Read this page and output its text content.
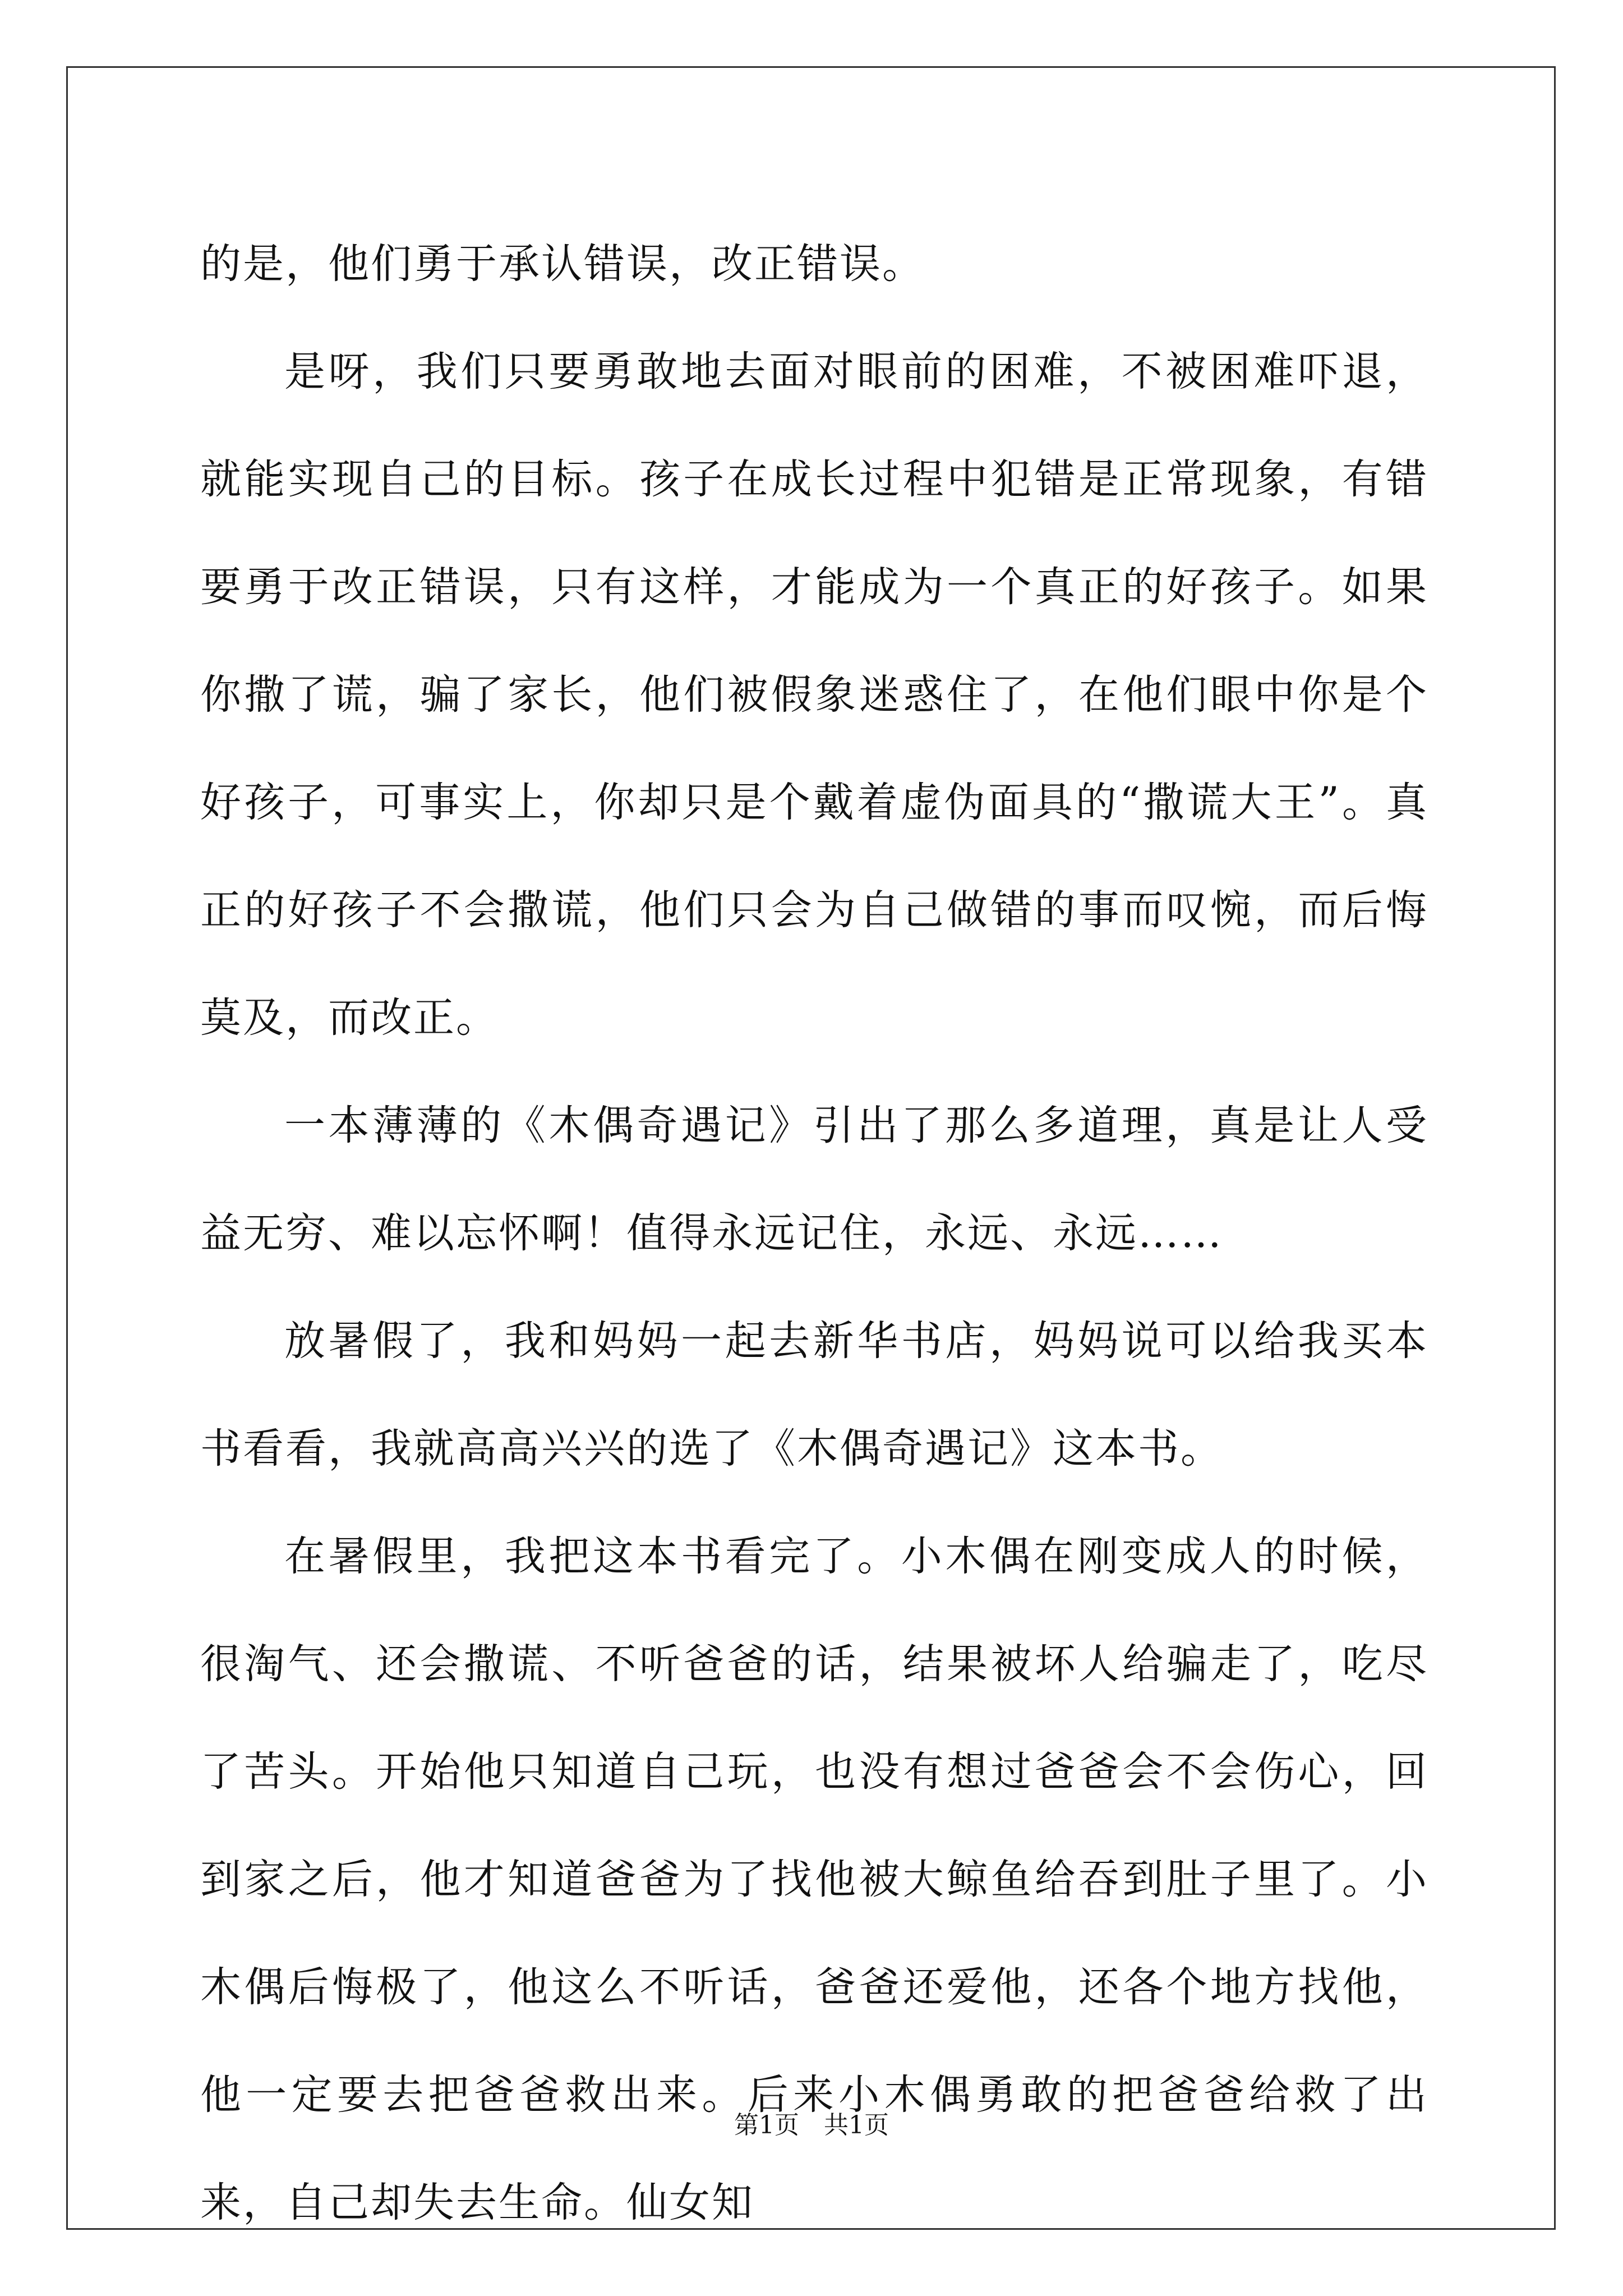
的是，他们勇于承认错误，改正错误。

是呀，我们只要勇敢地去面对眼前的困难，不被困难吓退，就能实现自己的目标。孩子在成长过程中犯错是正常现象，有错要勇于改正错误，只有这样，才能成为一个真正的好孩子。如果你撒了谎，骗了家长，他们被假象迷惑住了，在他们眼中你是个好孩子，可事实上，你却只是个戴着虚伪面具的“撒谎大王”。真正的好孩子不会撒谎，他们只会为自己做错的事而叹惋，而后悔莫及，而改正。

一本薄薄的《木偶奇遇记》引出了那么多道理，真是让人受益无穷、难以忘怀啊！值得永远记住，永远、永远……

放暑假了，我和妈妈一起去新华书店，妈妈说可以给我买本书看看，我就高高兴兴的选了《木偶奇遇记》这本书。

在暑假里，我把这本书看完了。小木偶在刚变成人的时候，很淘气、还会撒谎、不听爸爸的话，结果被坏人给骗走了，吃尽了苦头。开始他只知道自己玩，也没有想过爸爸会不会伤心，回到家之后，他才知道爸爸为了找他被大鲸鱼给吞到肚子里了。小木偶后悔极了，他这么不听话，爸爸还爱他，还各个地方找他，他一定要去把爸爸救出来。后来小木偶勇敢的把爸爸给救了出来，自己却失去生命。仙女知

第1页　共1页
